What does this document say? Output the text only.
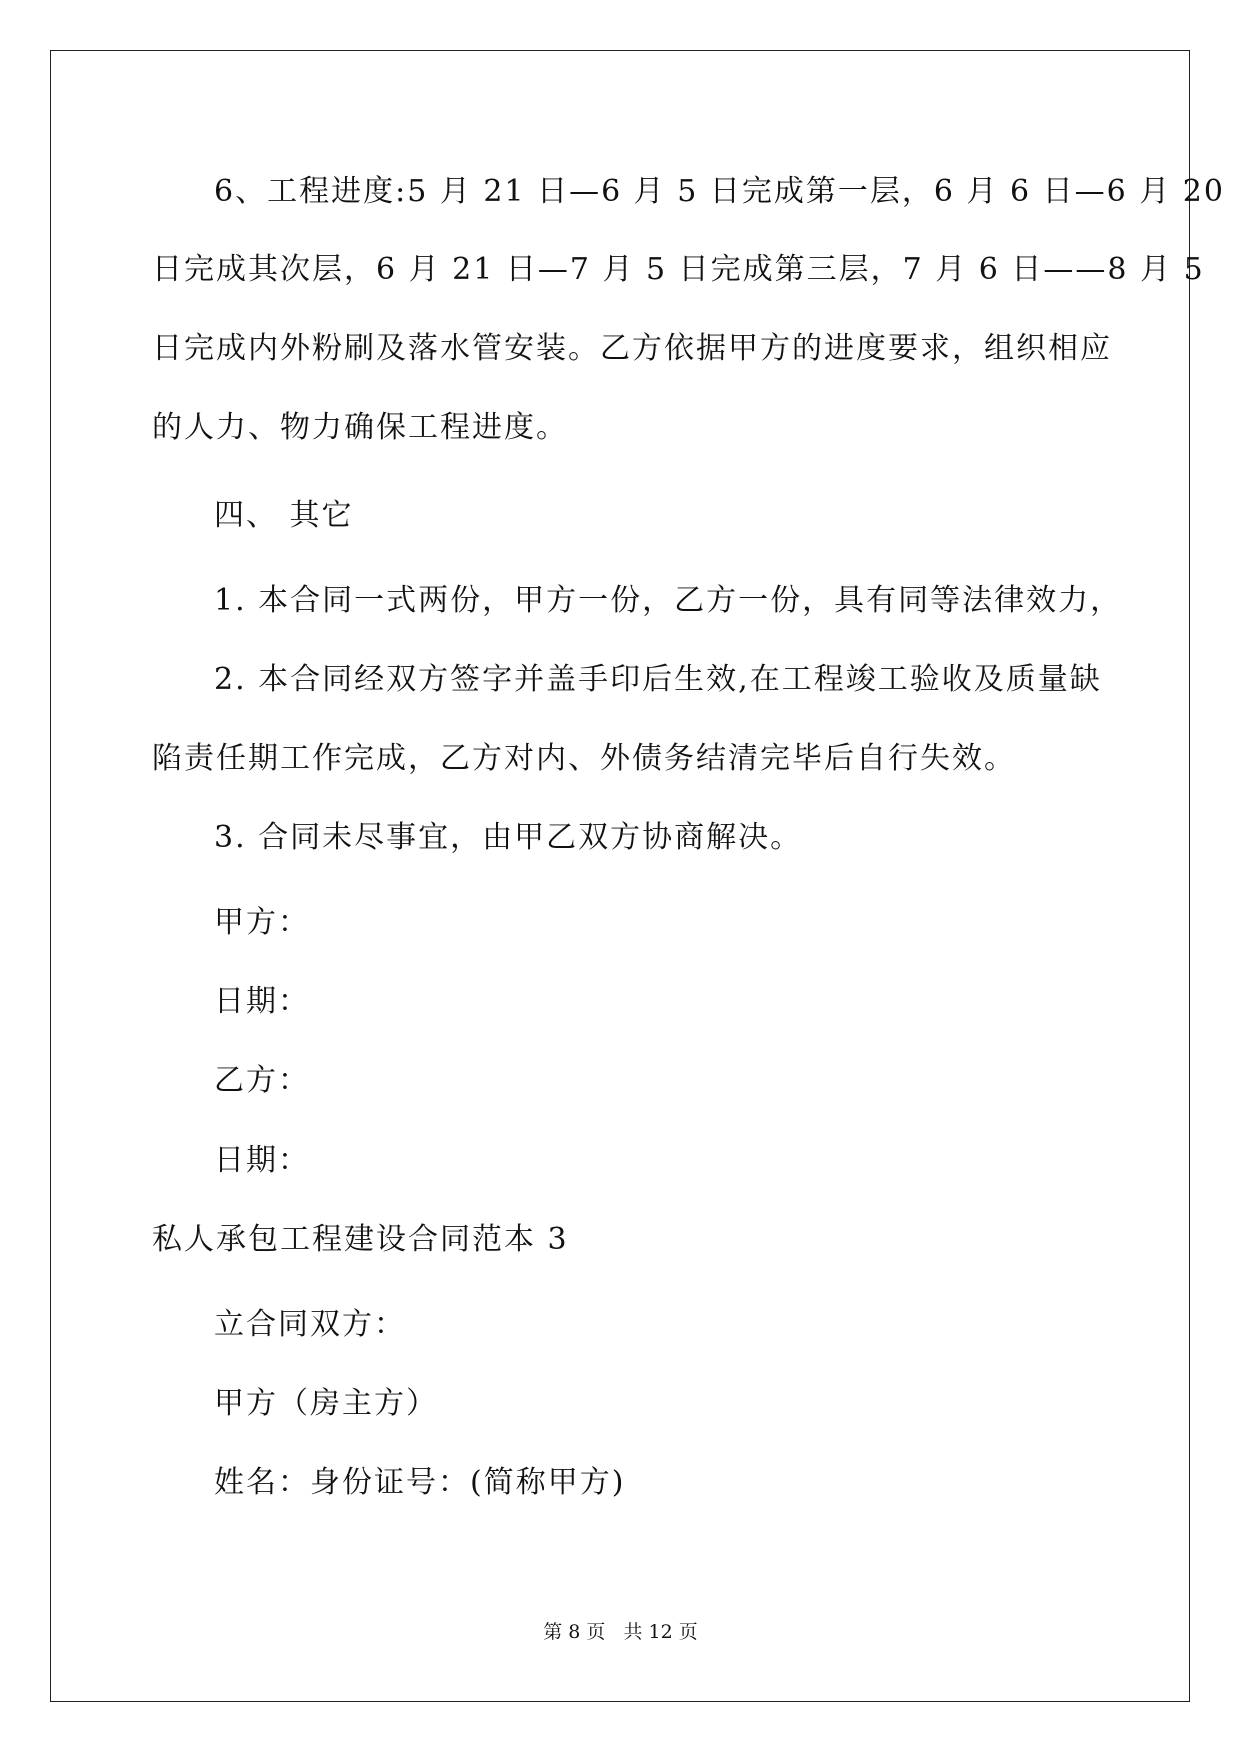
6、工程进度:5 月 21 日—6 月 5 日完成第一层，6 月 6 日—6 月 20
日完成其次层，6 月 21 日—7 月 5 日完成第三层，7 月 6 日——8 月 5
日完成内外粉刷及落水管安装。乙方依据甲方的进度要求，组织相应
的人力、物力确保工程进度。
四、 其它
1. 本合同一式两份，甲方一份，乙方一份，具有同等法律效力，
2. 本合同经双方签字并盖手印后生效,在工程竣工验收及质量缺
陷责任期工作完成，乙方对内、外债务结清完毕后自行失效。
3. 合同未尽事宜，由甲乙双方协商解决。
甲方：
日期：
乙方：
日期：
私人承包工程建设合同范本 3
立合同双方：
甲方（房主方）
姓名：身份证号：(简称甲方)
第 8 页 共 12 页
